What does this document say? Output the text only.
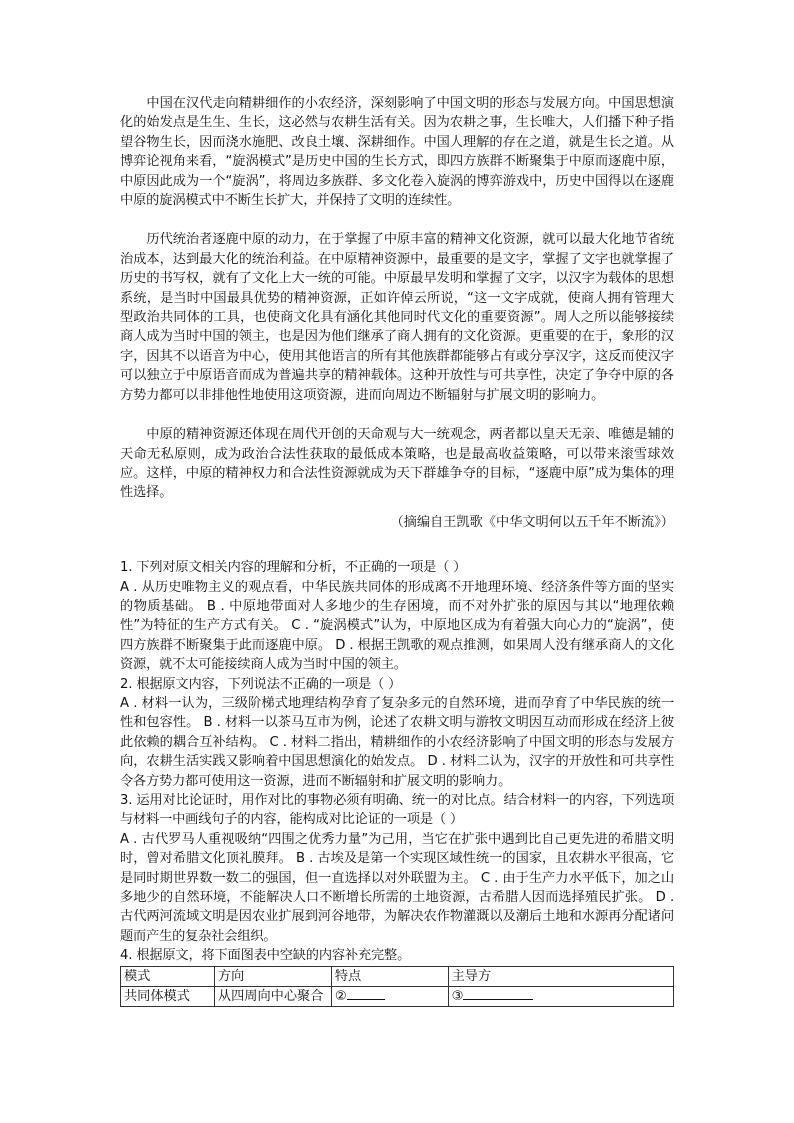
中国在汉代走向精耕细作的小农经济，深刻影响了中国文明的形态与发展方向。中国思想演化的始发点是生生、生长，这必然与农耕生活有关。因为农耕之事，生长唯大，人们播下种子指望谷物生长，因而浇水施肥、改良土壤、深耕细作。中国人理解的存在之道，就是生长之道。从博弈论视角来看，“旋涡模式”是历史中国的生长方式，即四方族群不断聚集于中原而逐鹿中原，中原因此成为一个“旋涡”，将周边多族群、多文化卷入旋涡的博弈游戏中，历史中国得以在逐鹿中原的旋涡模式中不断生长扩大，并保持了文明的连续性。

历代统治者逐鹿中原的动力，在于掌握了中原丰富的精神文化资源，就可以最大化地节省统治成本，达到最大化的统治利益。在中原精神资源中，最重要的是文字，掌握了文字也就掌握了历史的书写权，就有了文化上大一统的可能。中原最早发明和掌握了文字，以汉字为载体的思想系统，是当时中国最具优势的精神资源，正如许倬云所说，“这一文字成就，使商人拥有管理大型政治共同体的工具，也使商文化具有涵化其他同时代文化的重要资源”。周人之所以能够接续商人成为当时中国的领主，也是因为他们继承了商人拥有的文化资源。更重要的在于，象形的汉字，因其不以语音为中心，使用其他语言的所有其他族群都能够占有或分享汉字，这反而使汉字可以独立于中原语音而成为普遍共享的精神载体。这种开放性与可共享性，决定了争夺中原的各方势力都可以非排他性地使用这项资源，进而向周边不断辐射与扩展文明的影响力。

中原的精神资源还体现在周代开创的天命观与大一统观念，两者都以皇天无亲、唯德是辅的天命无私原则，成为政治合法性获取的最低成本策略，也是最高收益策略，可以带来滚雪球效应。这样，中原的精神权力和合法性资源就成为天下群雄争夺的目标，“逐鹿中原”成为集体的理性选择。

（摘编自王凯歌《中华文明何以五千年不断流》）

1. 下列对原文相关内容的理解和分析，不正确的一项是（ ）

A . 从历史唯物主义的观点看，中华民族共同体的形成离不开地理环境、经济条件等方面的坚实的物质基础。 B . 中原地带面对人多地少的生存困境，而不对外扩张的原因与其以“地理依赖性”为特征的生产方式有关。 C . “旋涡模式”认为，中原地区成为有着强大向心力的“旋涡”，使四方族群不断聚集于此而逐鹿中原。 D . 根据王凯歌的观点推测，如果周人没有继承商人的文化资源，就不太可能接续商人成为当时中国的领主。

2. 根据原文内容，下列说法不正确的一项是（ ）

A . 材料一认为，三级阶梯式地理结构孕育了复杂多元的自然环境，进而孕育了中华民族的统一性和包容性。 B . 材料一以茶马互市为例，论述了农耕文明与游牧文明因互动而形成在经济上彼此依赖的耦合互补结构。 C . 材料二指出，精耕细作的小农经济影响了中国文明的形态与发展方向，农耕生活实践又影响着中国思想演化的始发点。 D . 材料二认为，汉字的开放性和可共享性令各方势力都可使用这一资源，进而不断辐射和扩展文明的影响力。

3. 运用对比论证时，用作对比的事物必须有明确、统一的对比点。结合材料一的内容，下列选项与材料一中画线句子的内容，能构成对比论证的一项是（ ）

A . 古代罗马人重视吸纳“四围之优秀力量”为己用，当它在扩张中遇到比自己更先进的希腊文明时，曾对希腊文化顶礼膜拜。 B . 古埃及是第一个实现区域性统一的国家，且农耕水平很高，它是同时期世界数一数二的强国，但一直选择以对外联盟为主。 C . 由于生产力水平低下，加之山多地少的自然环境，不能解决人口不断增长所需的土地资源，古希腊人因而选择殖民扩张。 D . 古代两河流域文明是因农业扩展到河谷地带，为解决农作物灌溉以及潮后土地和水源再分配诸问题而产生的复杂社会组织。

4. 根据原文，将下面图表中空缺的内容补充完整。

模式	方向	特点	主导方
共同体模式	从四周向中心聚合	②	③
